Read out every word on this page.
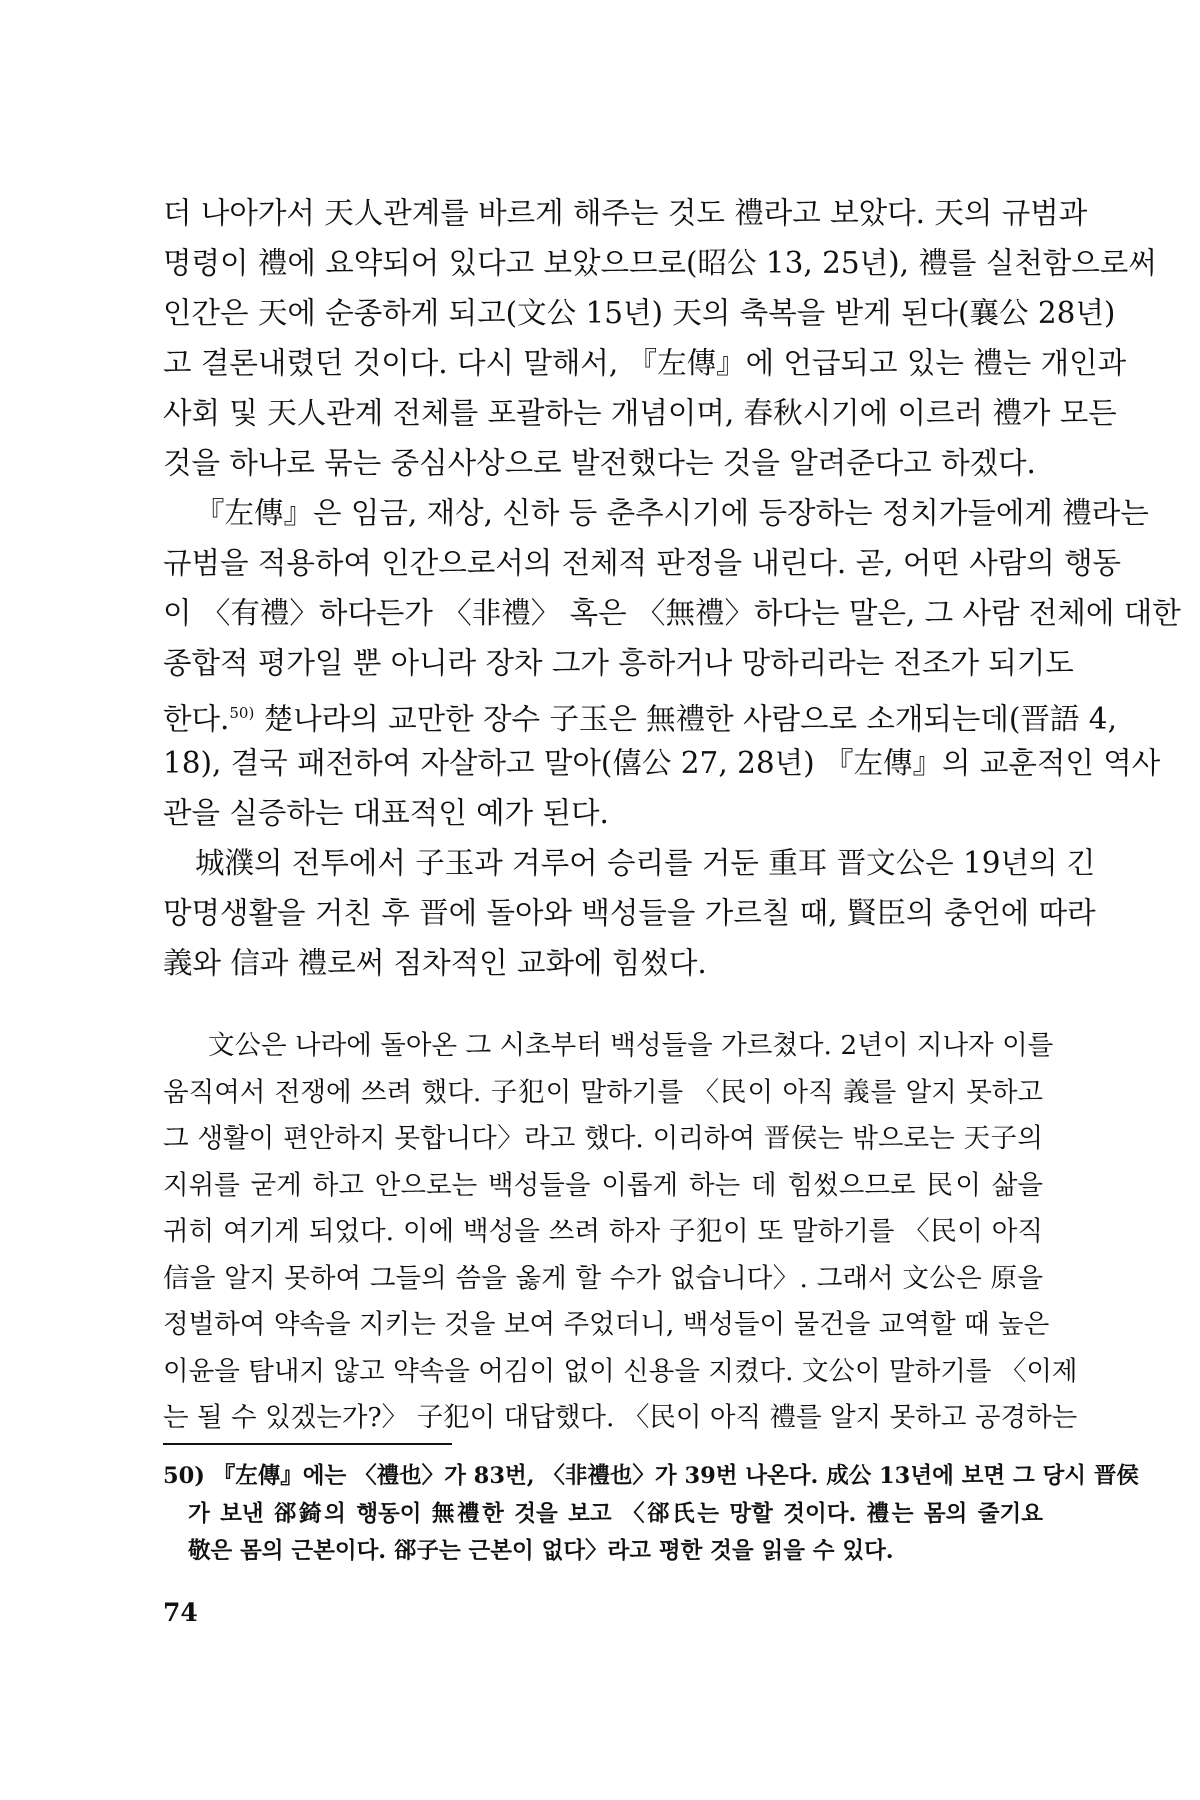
더 나아가서 天人관계를 바르게 해주는 것도 禮라고 보았다. 天의 규범과
명령이 禮에 요약되어 있다고 보았으므로(昭公 13, 25년), 禮를 실천함으로써
인간은 天에 순종하게 되고(文公 15년) 天의 축복을 받게 된다(襄公 28년)
고 결론내렸던 것이다. 다시 말해서, 『左傳』에 언급되고 있는 禮는 개인과
사회 및 天人관계 전체를 포괄하는 개념이며, 春秋시기에 이르러 禮가 모든
것을 하나로 묶는 중심사상으로 발전했다는 것을 알려준다고 하겠다.
『左傳』은 임금, 재상, 신하 등 춘추시기에 등장하는 정치가들에게 禮라는
규범을 적용하여 인간으로서의 전체적 판정을 내린다. 곧, 어떤 사람의 행동
이 〈有禮〉하다든가 〈非禮〉 혹은 〈無禮〉하다는 말은, 그 사람 전체에 대한
종합적 평가일 뿐 아니라 장차 그가 흥하거나 망하리라는 전조가 되기도
한다.$^{50)}$ 楚나라의 교만한 장수 子玉은 無禮한 사람으로 소개되는데(晋語 4,
18), 결국 패전하여 자살하고 말아(僖公 27, 28년) 『左傳』의 교훈적인 역사
관을 실증하는 대표적인 예가 된다.
城濮의 전투에서 子玉과 겨루어 승리를 거둔 重耳 晋文公은 19년의 긴
망명생활을 거친 후 晋에 돌아와 백성들을 가르칠 때, 賢臣의 충언에 따라
義와 信과 禮로써 점차적인 교화에 힘썼다.
文公은 나라에 돌아온 그 시초부터 백성들을 가르쳤다. 2년이 지나자 이를
움직여서 전쟁에 쓰려 했다. 子犯이 말하기를 〈民이 아직 義를 알지 못하고
그 생활이 편안하지 못합니다〉라고 했다. 이리하여 晋侯는 밖으로는 天子의
지위를 굳게 하고 안으로는 백성들을 이롭게 하는 데 힘썼으므로 民이 삶을
귀히 여기게 되었다. 이에 백성을 쓰려 하자 子犯이 또 말하기를 〈民이 아직
信을 알지 못하여 그들의 씀을 옳게 할 수가 없습니다〉. 그래서 文公은 原을
정벌하여 약속을 지키는 것을 보여 주었더니, 백성들이 물건을 교역할 때 높은
이윤을 탐내지 않고 약속을 어김이 없이 신용을 지켰다. 文公이 말하기를 〈이제
는 될 수 있겠는가?〉 子犯이 대답했다. 〈民이 아직 禮를 알지 못하고 공경하는
50) 『左傳』에는 〈禮也〉가 83번, 〈非禮也〉가 39번 나온다. 成公 13년에 보면 그 당시 晋侯
가 보낸 郤錡의 행동이 無禮한 것을 보고 〈郤氏는 망할 것이다. 禮는 몸의 줄기요
敬은 몸의 근본이다. 郤子는 근본이 없다〉라고 평한 것을 읽을 수 있다.
74
